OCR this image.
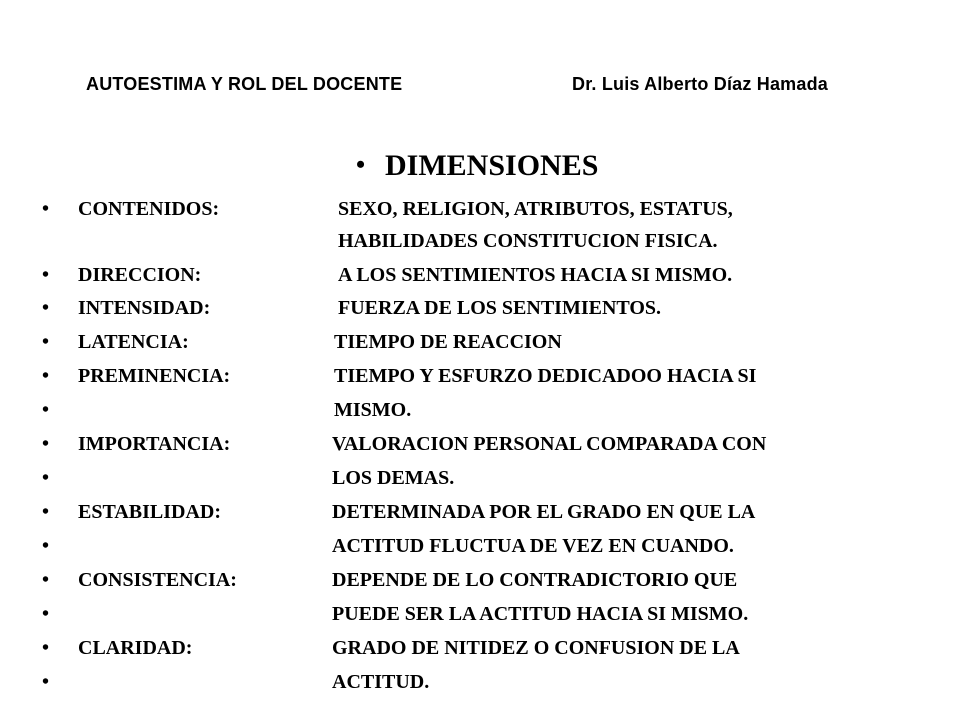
AUTOESTIMA Y ROL DEL DOCENTE	Dr. Luis Alberto Díaz Hamada
• DIMENSIONES
• CONTENIDOS:	SEXO, RELIGION, ATRIBUTOS, ESTATUS,
HABILIDADES CONSTITUCION FISICA.
• DIRECCION:	A LOS SENTIMIENTOS HACIA SI MISMO.
• INTENSIDAD:	FUERZA DE LOS SENTIMIENTOS.
• LATENCIA:	TIEMPO DE REACCION
• PREMINENCIA:	TIEMPO Y ESFURZO DEDICADOO HACIA SI
•	MISMO.
• IMPORTANCIA:	VALORACION PERSONAL COMPARADA CON
•	LOS DEMAS.
• ESTABILIDAD:	DETERMINADA POR EL GRADO EN QUE LA
•	ACTITUD FLUCTUA DE VEZ EN CUANDO.
• CONSISTENCIA:	DEPENDE DE LO CONTRADICTORIO QUE
•	PUEDE SER LA ACTITUD HACIA SI MISMO.
• CLARIDAD:	GRADO DE NITIDEZ O CONFUSION DE LA
•	ACTITUD.
